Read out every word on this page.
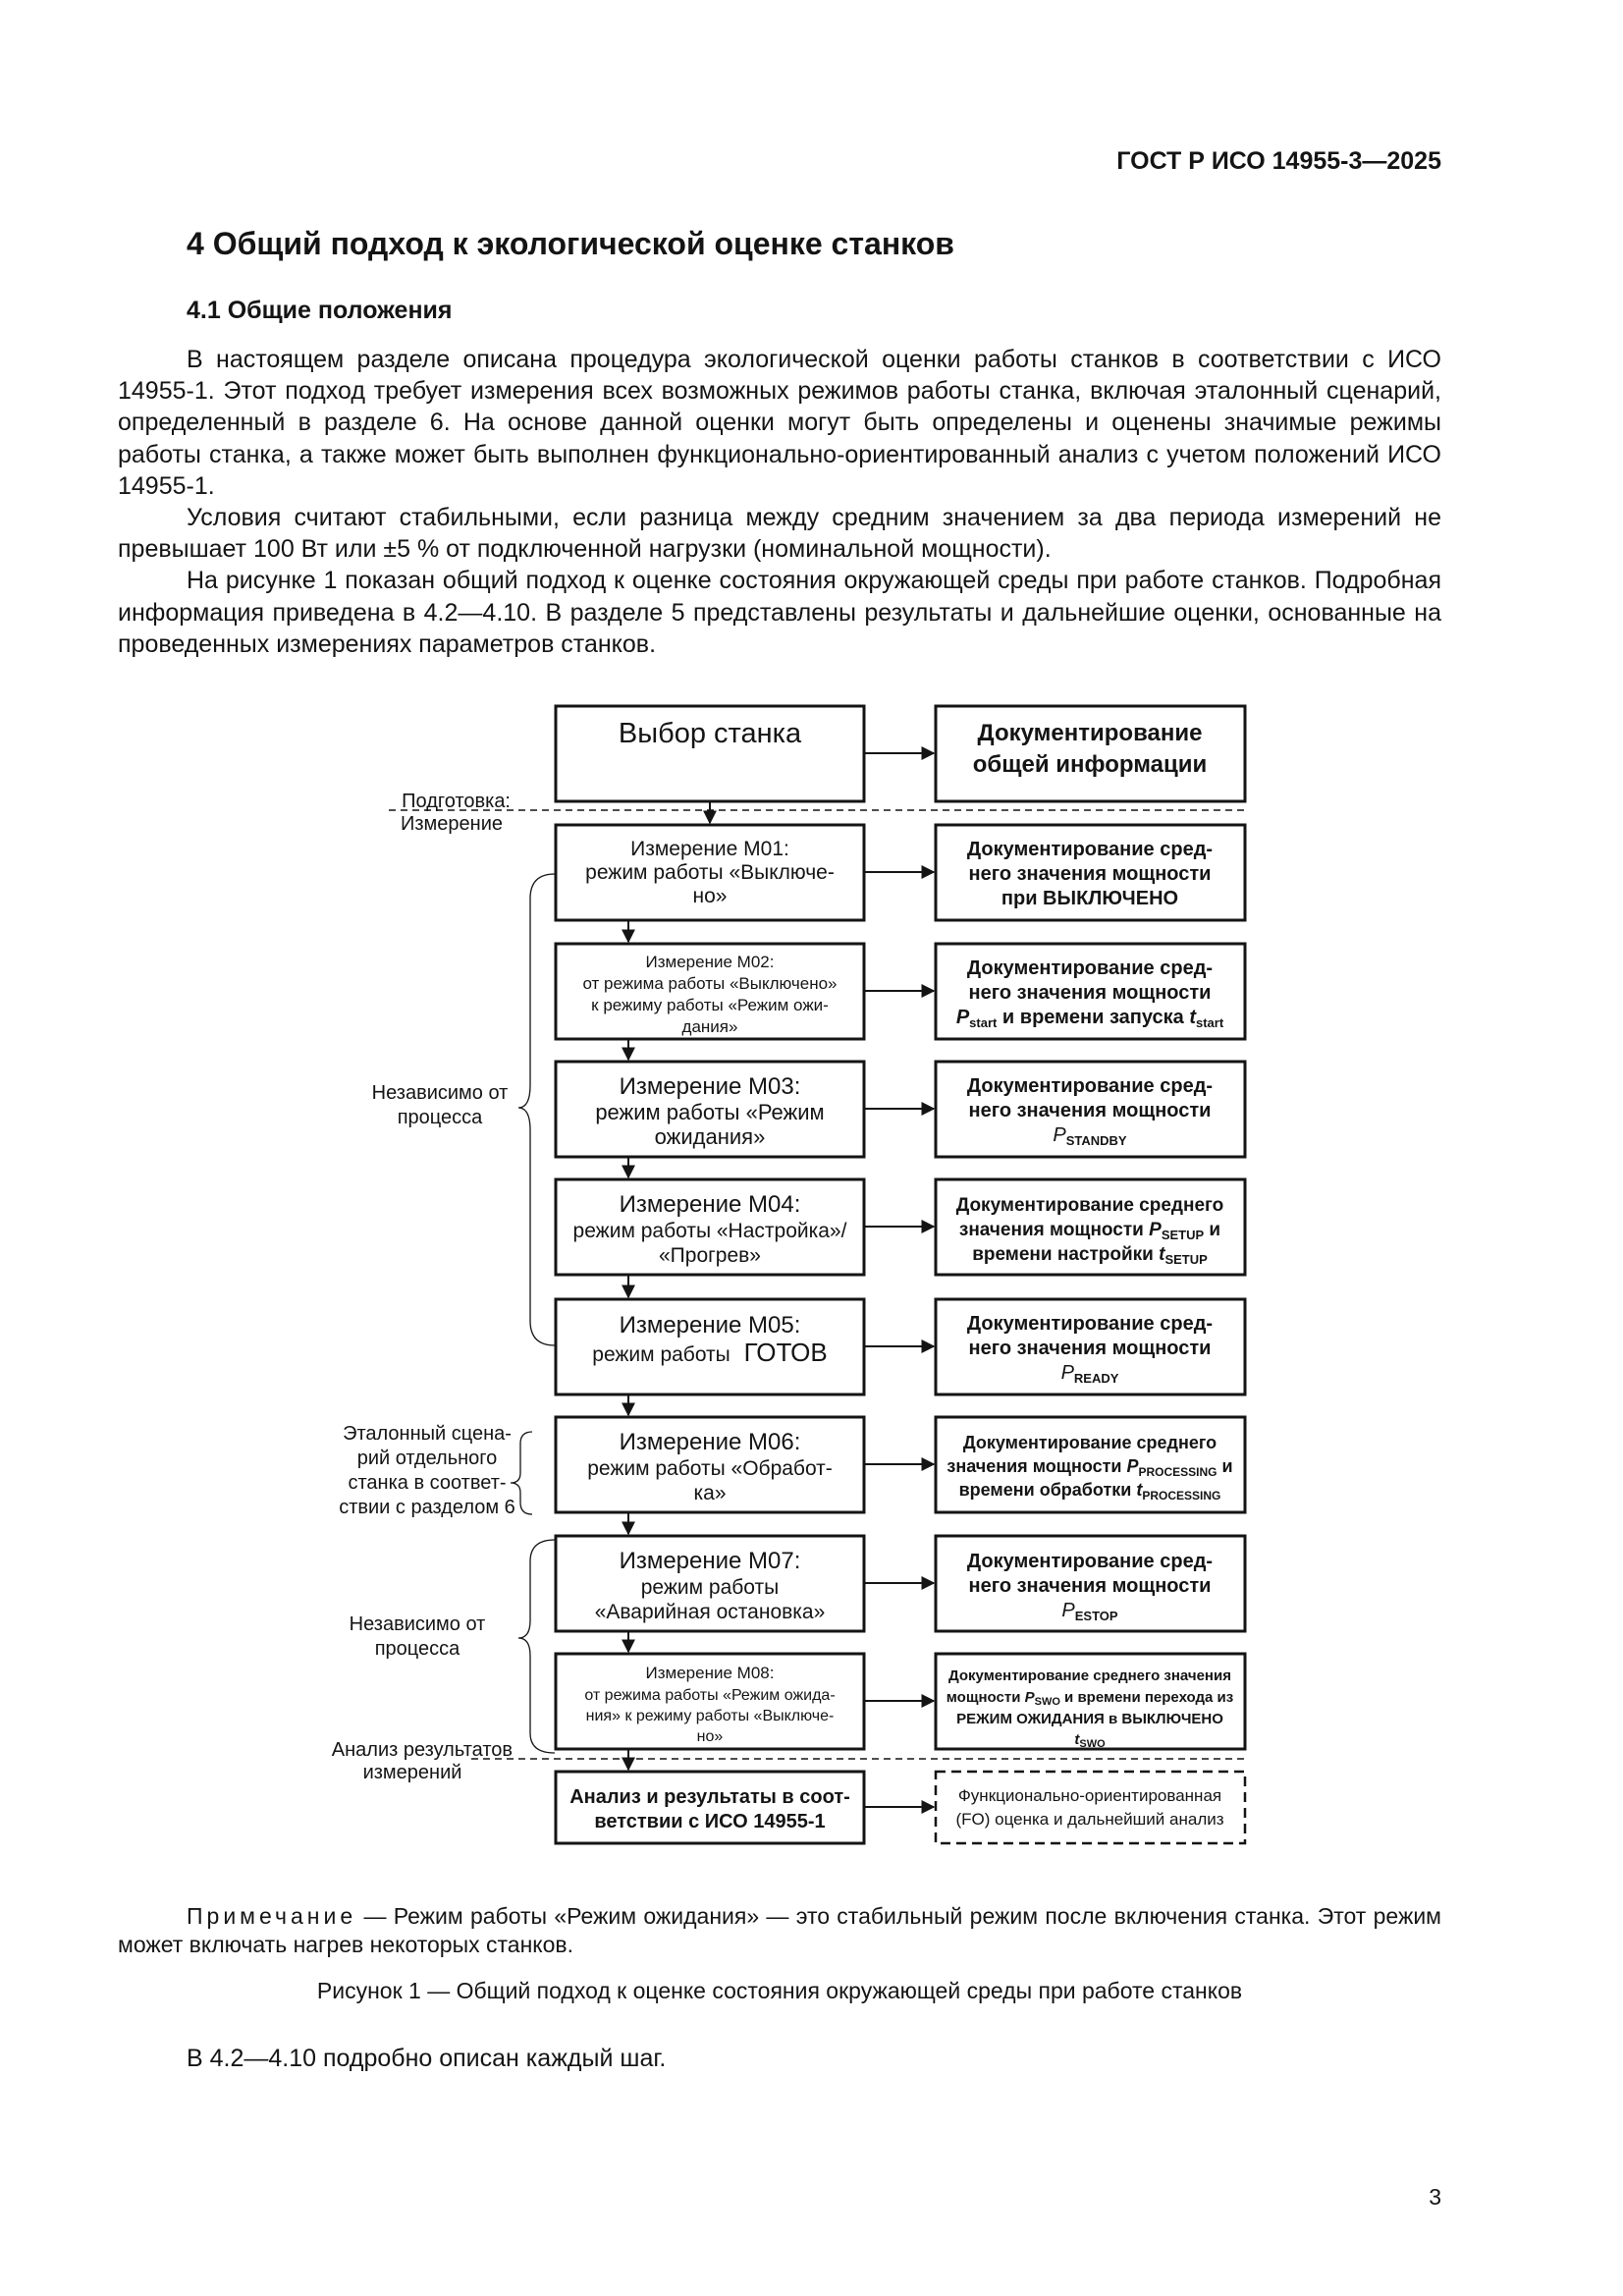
ГОСТ Р ИСО 14955-3—2025
4 Общий подход к экологической оценке станков
4.1 Общие положения

В настоящем разделе описана процедура экологической оценки работы станков в соответствии с ИСО 14955-1. Этот подход требует измерения всех возможных режимов работы станка, включая эталонный сценарий, определенный в разделе 6. На основе данной оценки могут быть определены и оценены значимые режимы работы станка, а также может быть выполнен функционально-ориентированный анализ с учетом положений ИСО 14955-1.

Условия считают стабильными, если разница между средним значением за два периода измерений не превышает 100 Вт или ±5 % от подключенной нагрузки (номинальной мощности).

На рисунке 1 показан общий подход к оценке состояния окружающей среды при работе станков. Подробная информация приведена в 4.2—4.10. В разделе 5 представлены результаты и дальнейшие оценки, основанные на проведенных измерениях параметров станков.

Подготовка:
Измерение
Анализ результатов
Независимо от
процесса
Эталонный сцена-
рий отдельного
станка в соответ-
ствии с разделом 6
Независимо от
процесса
измерений
Выбор станка
Измерение М01:
режим работы «Выключе-
но»
Измерение М02:
от режима работы «Выключено»
к режиму работы «Режим ожи-
дания»
Измерение М03:
режим работы «Режим
ожидания»
Измерение М04:
режим работы «Настройка»/
«Прогрев»
Измерение М05:
режим работы ГОТОВ
Измерение М06:
режим работы «Обработ-
ка»
Измерение М07:
режим работы
«Аварийная остановка»
Измерение М08:
от режима работы «Режим ожида-
ния» к режиму работы «Выключе-
но»
Анализ и результаты в соот-
ветствии с ИСО 14955-1
Документирование
общей информации
Документирование сред-
него значения мощности
при ВЫКЛЮЧЕНО
Документирование сред-
него значения мощности
$P_{start}$ и времени запуска $t_{start}$
Документирование сред-
него значения мощности
$P_{STANDBY}$
Документирование среднего
значения мощности $P_{SETUP}$ и
времени настройки $t_{SETUP}$
Документирование сред-
него значения мощности
$P_{READY}$
Документирование среднего
значения мощности $P_{PROCESSING}$ и
времени обработки $t_{PROCESSING}$
Документирование сред-
него значения мощности
$P_{ESTOP}$
Документирование среднего значения
мощности $P_{SWO}$ и времени перехода из
РЕЖИМ ОЖИДАНИЯ в ВЫКЛЮЧЕНО
$t_{SWO}$
Функционально-ориентированная
(FO) оценка и дальнейший анализ

Примечание — Режим работы «Режим ожидания» — это стабильный режим после включения станка. Этот режим может включать нагрев некоторых станков.

Рисунок 1 — Общий подход к оценке состояния окружающей среды при работе станков
В 4.2—4.10 подробно описан каждый шаг.
3
